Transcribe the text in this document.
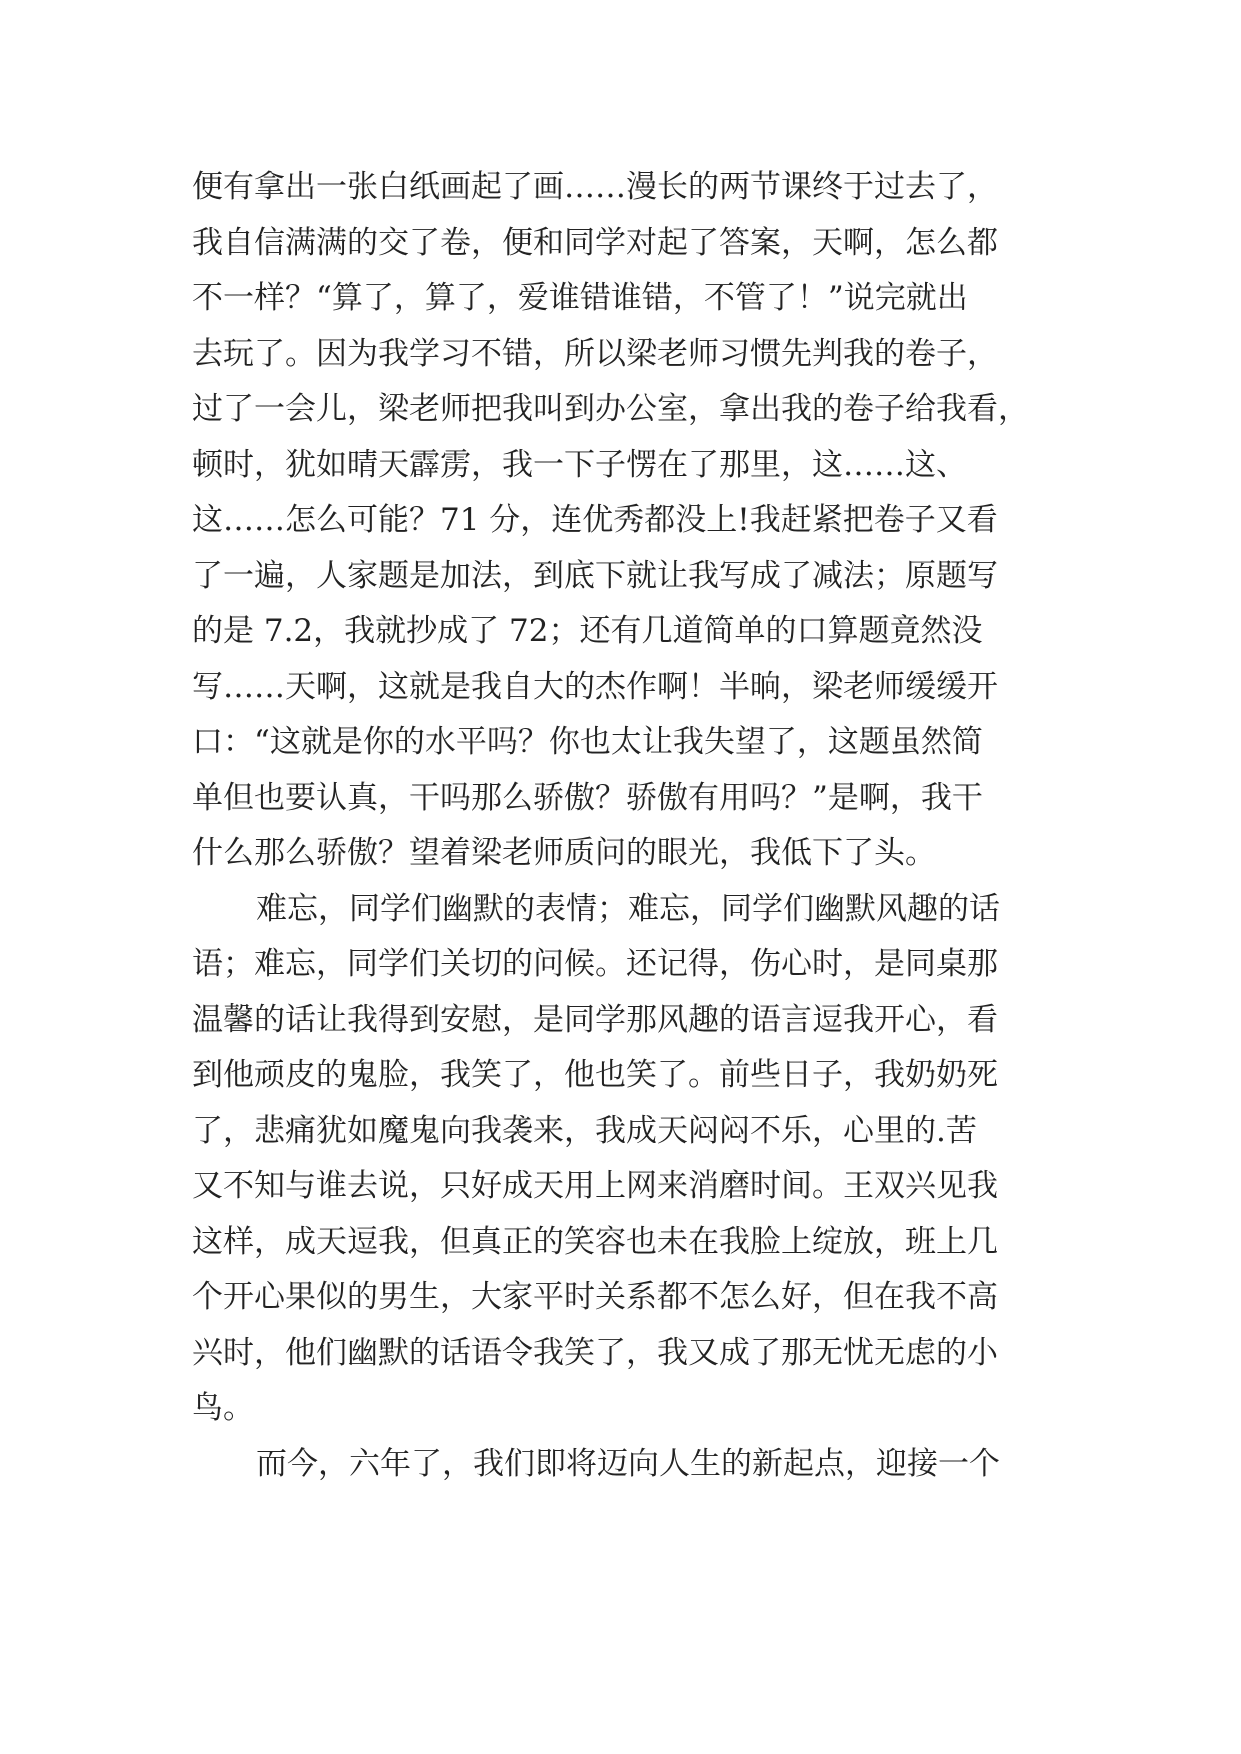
便有拿出一张白纸画起了画……漫长的两节课终于过去了，
我自信满满的交了卷，便和同学对起了答案，天啊，怎么都
不一样？“算了，算了，爱谁错谁错，不管了！”说完就出
去玩了。因为我学习不错，所以梁老师习惯先判我的卷子，
过了一会儿，梁老师把我叫到办公室，拿出我的卷子给我看，
顿时，犹如晴天霹雳，我一下子愣在了那里，这……这、
这……怎么可能？71 分，连优秀都没上!我赶紧把卷子又看
了一遍，人家题是加法，到底下就让我写成了减法；原题写
的是 7.2，我就抄成了 72；还有几道简单的口算题竟然没
写……天啊，这就是我自大的杰作啊！半晌，梁老师缓缓开
口：“这就是你的水平吗？你也太让我失望了，这题虽然简
单但也要认真，干吗那么骄傲？骄傲有用吗？”是啊，我干
什么那么骄傲？望着梁老师质问的眼光，我低下了头。
难忘，同学们幽默的表情；难忘，同学们幽默风趣的话
语；难忘，同学们关切的问候。还记得，伤心时，是同桌那
温馨的话让我得到安慰，是同学那风趣的语言逗我开心，看
到他顽皮的鬼脸，我笑了，他也笑了。前些日子，我奶奶死
了，悲痛犹如魔鬼向我袭来，我成天闷闷不乐，心里的.苦
又不知与谁去说，只好成天用上网来消磨时间。王双兴见我
这样，成天逗我，但真正的笑容也未在我脸上绽放，班上几
个开心果似的男生，大家平时关系都不怎么好，但在我不高
兴时，他们幽默的话语令我笑了，我又成了那无忧无虑的小
鸟。
而今，六年了，我们即将迈向人生的新起点，迎接一个
